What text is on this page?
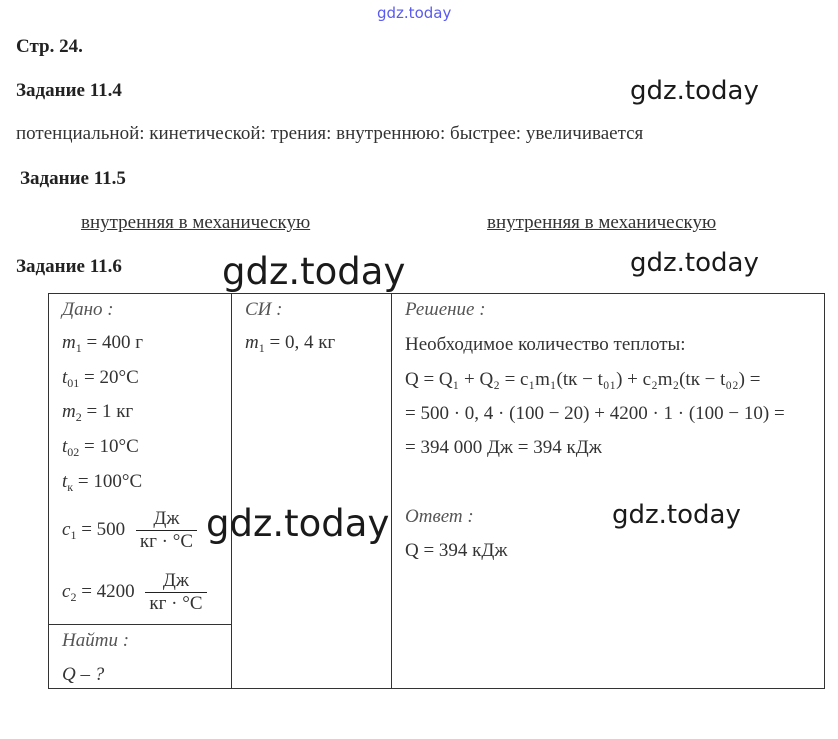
gdz.today
gdz.today
gdz.today	gdz.today
gdz.today	gdz.today
Стр. 24.
Задание 11.4
потенциальной: кинетической: трения: внутреннюю: быстрее: увеличивается
Задание 11.5
внутренняя в механическую	внутренняя в механическую
Задание 11.6
Дано :
$m_1 = 400$ г
$t_{01} = 20^\circ C$
$m_2 = 1$ кг
$t_{02} = 10^\circ C$
$t_к = 100^\circ C$
$c_1 = 500 \frac{Дж}{кг \cdot ^\circ C}$
$c_2 = 4200 \frac{Дж}{кг \cdot ^\circ C}$
Найти :
Q – ?
СИ :
$m_1 = 0$, 4 кг
Решение :
Необходимое количество теплоты:
Q = Q₁ + Q₂ = c₁m₁(tк − t₀₁) + c₂m₂(tк − t₀₂) =
= 500 · 0, 4 · (100 − 20) + 4200 · 1 · (100 − 10) =
= 394 000 Дж = 394 кДж
Ответ :
Q = 394 кДж
